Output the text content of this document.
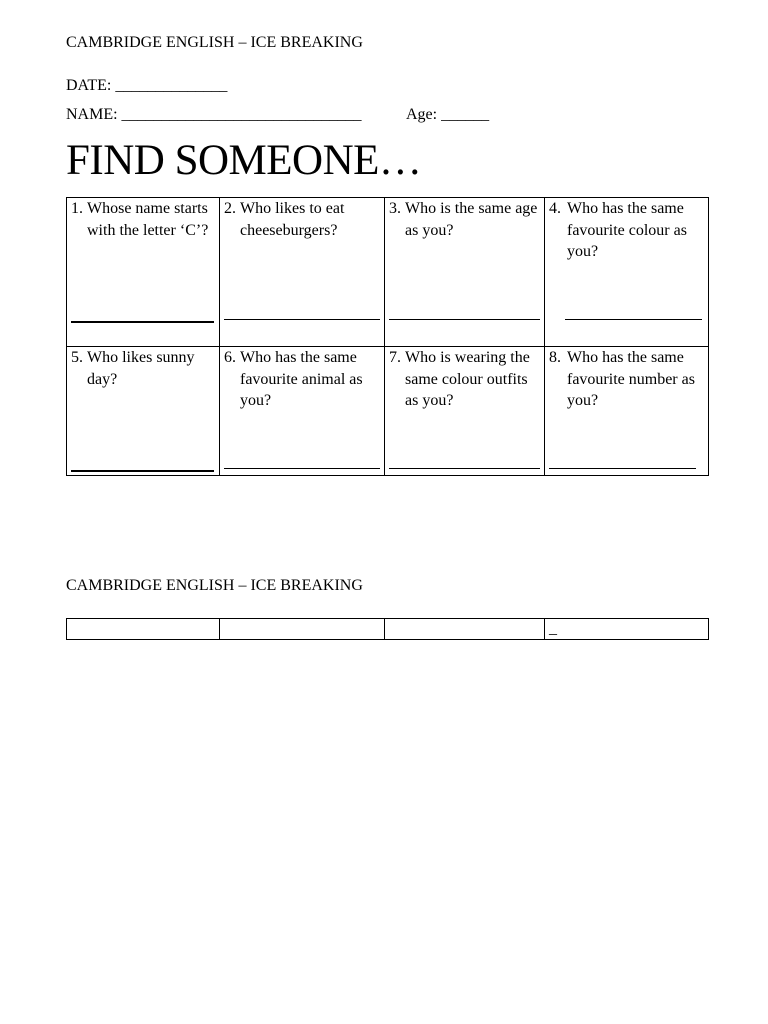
CAMBRIDGE ENGLISH – ICE BREAKING
DATE: ______________
NAME: ______________________________	Age: ______
FIND SOMEONE…
1. Whose name starts with the letter ‘C’?	2. Who likes to eat cheeseburgers?	3. Who is the same age as you?	4. Who has the same favourite colour as you?

5. Who likes sunny day?	6. Who has the same favourite animal as you?	7. Who is wearing the same colour outfits as you?	8. Who has the same favourite number as you?
CAMBRIDGE ENGLISH – ICE BREAKING
			_
